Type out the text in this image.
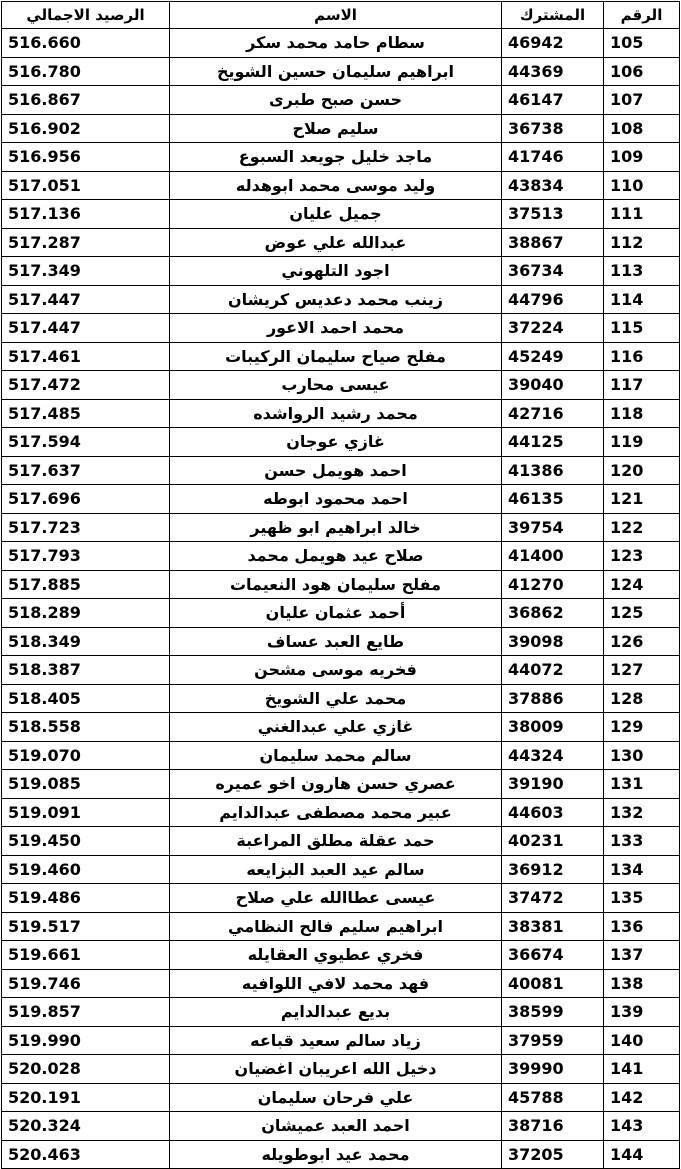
الرقم	المشترك	الاسم	الرصيد الاجمالي
105	46942	سطام حامد محمد سكر	516.660
106	44369	ابراهيم سليمان حسين الشويخ	516.780
107	46147	حسن صبح طبرى	516.867
108	36738	سليم صلاح	516.902
109	41746	ماجد خليل جويعد السبوع	516.956
110	43834	وليد موسى محمد ابوهدله	517.051
111	37513	جميل عليان	517.136
112	38867	عبدالله علي عوض	517.287
113	36734	اجود التلهوني	517.349
114	44796	زينب محمد دعديس كريشان	517.447
115	37224	محمد احمد الاعور	517.447
116	45249	مفلح صياح سليمان الركيبات	517.461
117	39040	عيسى محارب	517.472
118	42716	محمد رشيد الرواشده	517.485
119	44125	غازي عوجان	517.594
120	41386	احمد هويمل حسن	517.637
121	46135	احمد محمود ابوطه	517.696
122	39754	خالد ابراهيم ابو ظهير	517.723
123	41400	صلاح عيد هويمل محمد	517.793
124	41270	مفلح سليمان هود النعيمات	517.885
125	36862	أحمد عثمان عليان	518.289
126	39098	طايع العبد عساف	518.349
127	44072	فخريه موسى مشحن	518.387
128	37886	محمد علي الشويخ	518.405
129	38009	غازي علي عبدالغني	518.558
130	44324	سالم محمد سليمان	519.070
131	39190	عصري حسن هارون اخو عميره	519.085
132	44603	عبير محمد مصطفى عبدالدايم	519.091
133	40231	حمد عقلة مطلق المراعبة	519.450
134	36912	سالم عيد العبد البزايعه	519.460
135	37472	عيسى عطاالله علي صلاح	519.486
136	38381	ابراهيم سليم فالح النظامي	519.517
137	36674	فخري عطيوي العقايله	519.661
138	40081	فهد محمد لافي اللوافيه	519.746
139	38599	بديع عبدالدايم	519.857
140	37959	زياد سالم سعيد قباعه	519.990
141	39990	دخيل الله اعريبان اغضيان	520.028
142	45788	علي فرحان سليمان	520.191
143	38716	احمد العبد عميشان	520.324
144	37205	محمد عيد ابوطويله	520.463
